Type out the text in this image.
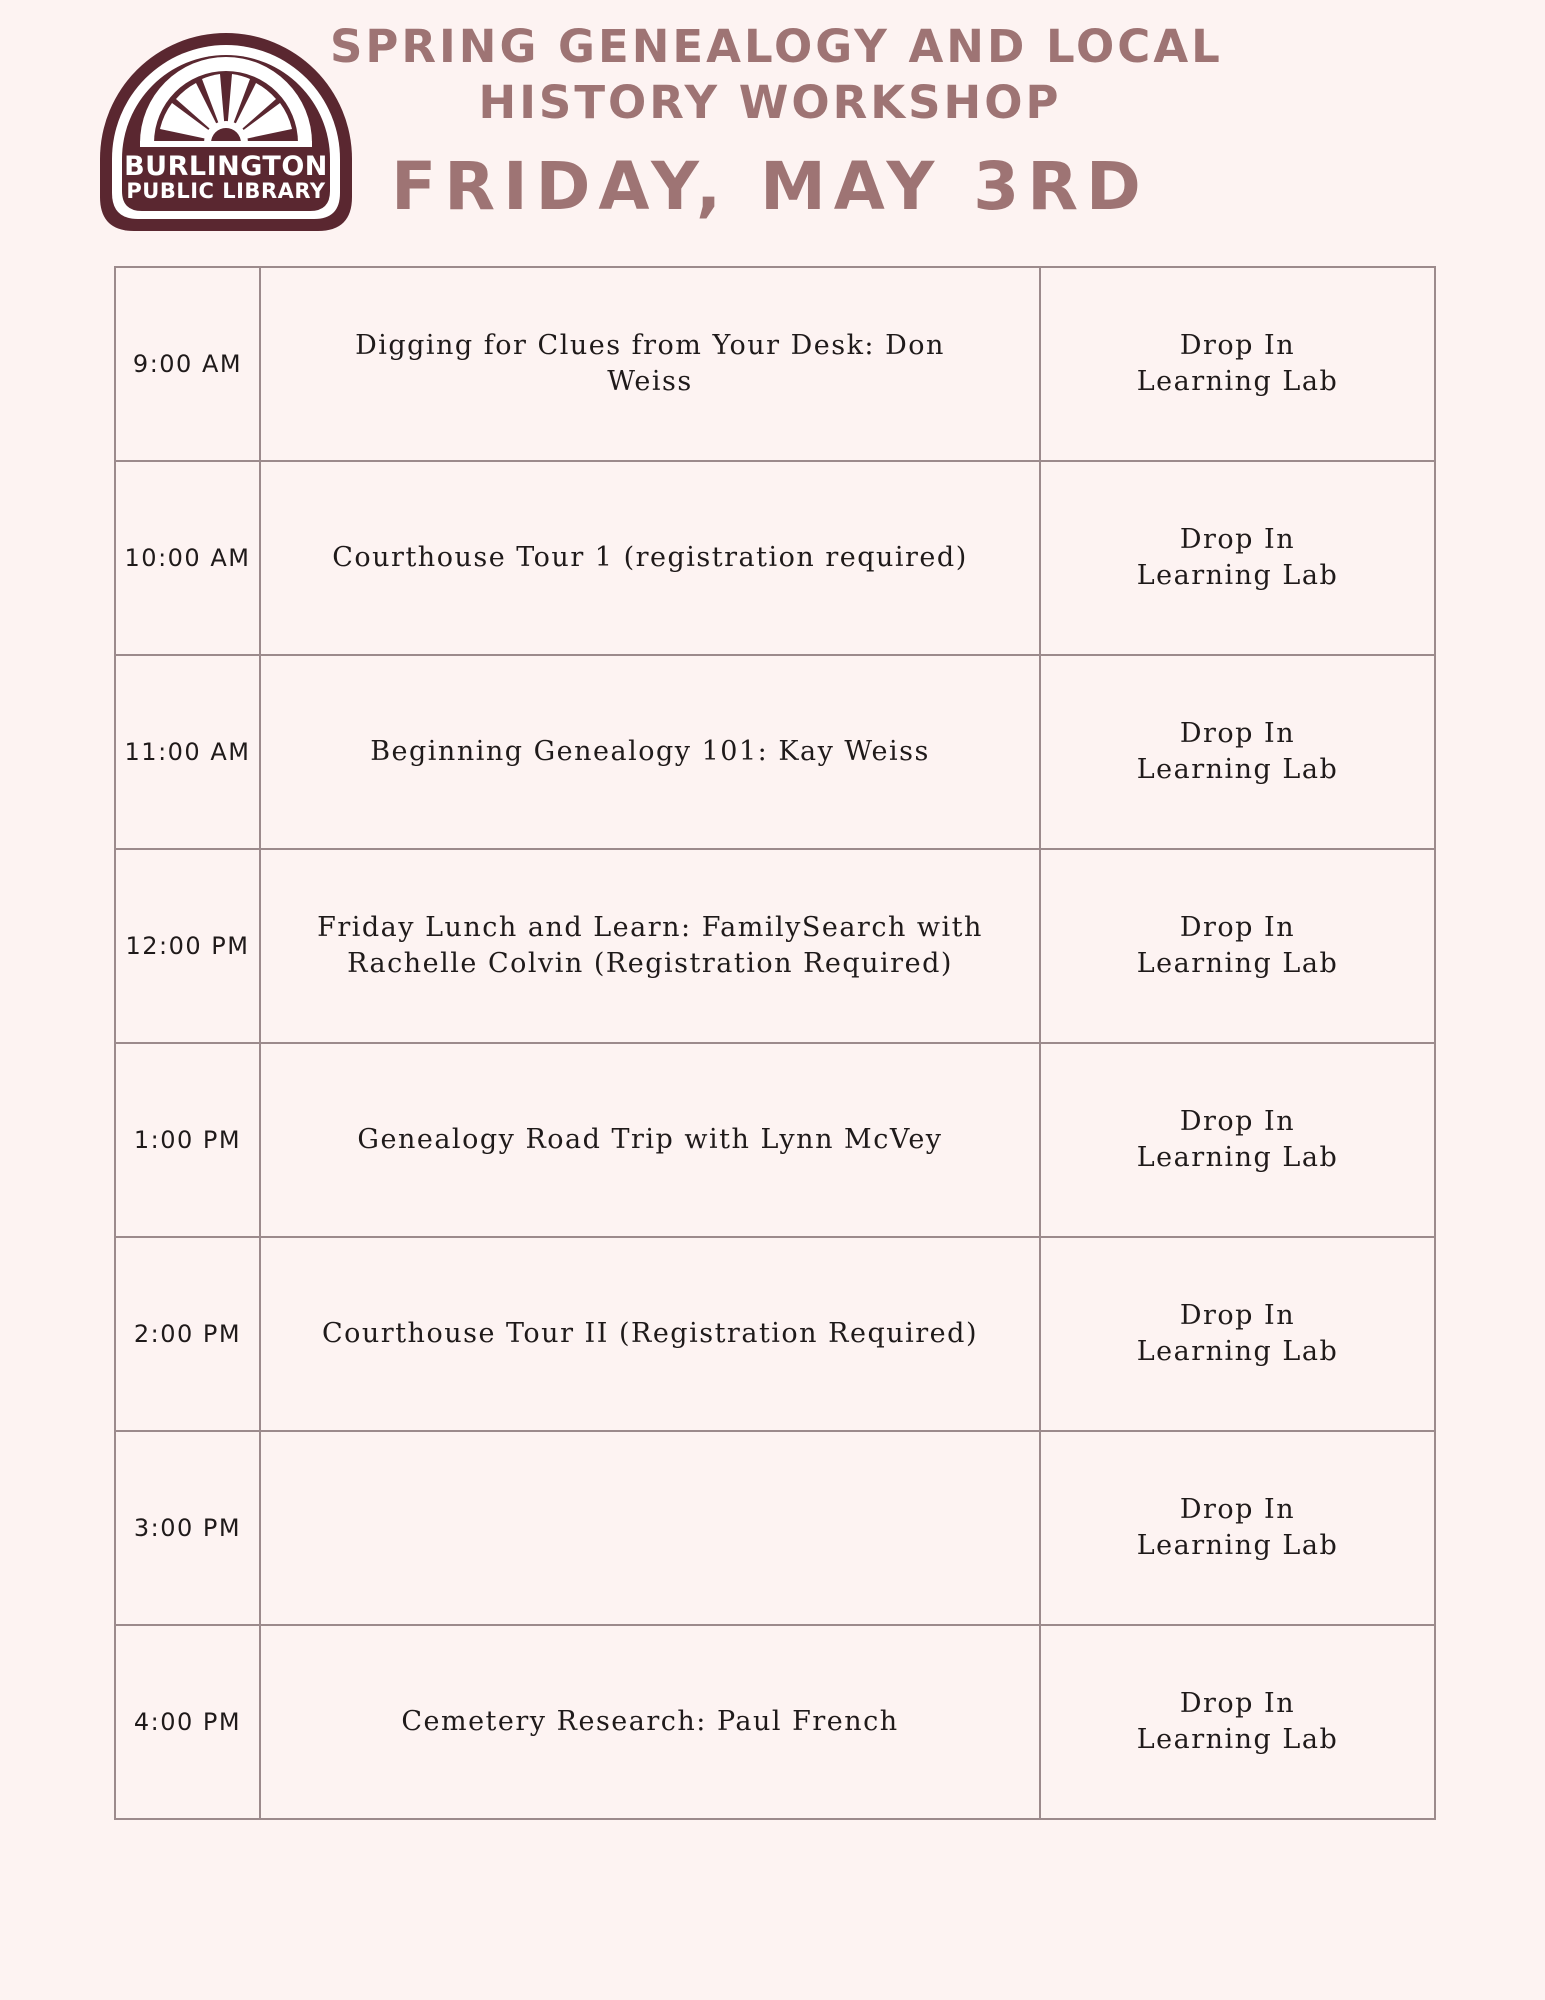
BURLINGTON
PUBLIC LIBRARY
SPRING GENEALOGY AND LOCAL
HISTORY WORKSHOP
FRIDAY, MAY 3RD
9:00 AM	Digging for Clues from Your Desk: Don Weiss	Drop In
Learning Lab

10:00 AM	Courthouse Tour 1 (registration required)	Drop In
Learning Lab

11:00 AM	Beginning Genealogy 101: Kay Weiss	Drop In
Learning Lab

12:00 PM	Friday Lunch and Learn: FamilySearch with Rachelle Colvin (Registration Required)	Drop In
Learning Lab

1:00 PM	Genealogy Road Trip with Lynn McVey	Drop In
Learning Lab

2:00 PM	Courthouse Tour II (Registration Required)	Drop In
Learning Lab

3:00 PM		Drop In
Learning Lab

4:00 PM	Cemetery Research: Paul French	Drop In
Learning Lab
